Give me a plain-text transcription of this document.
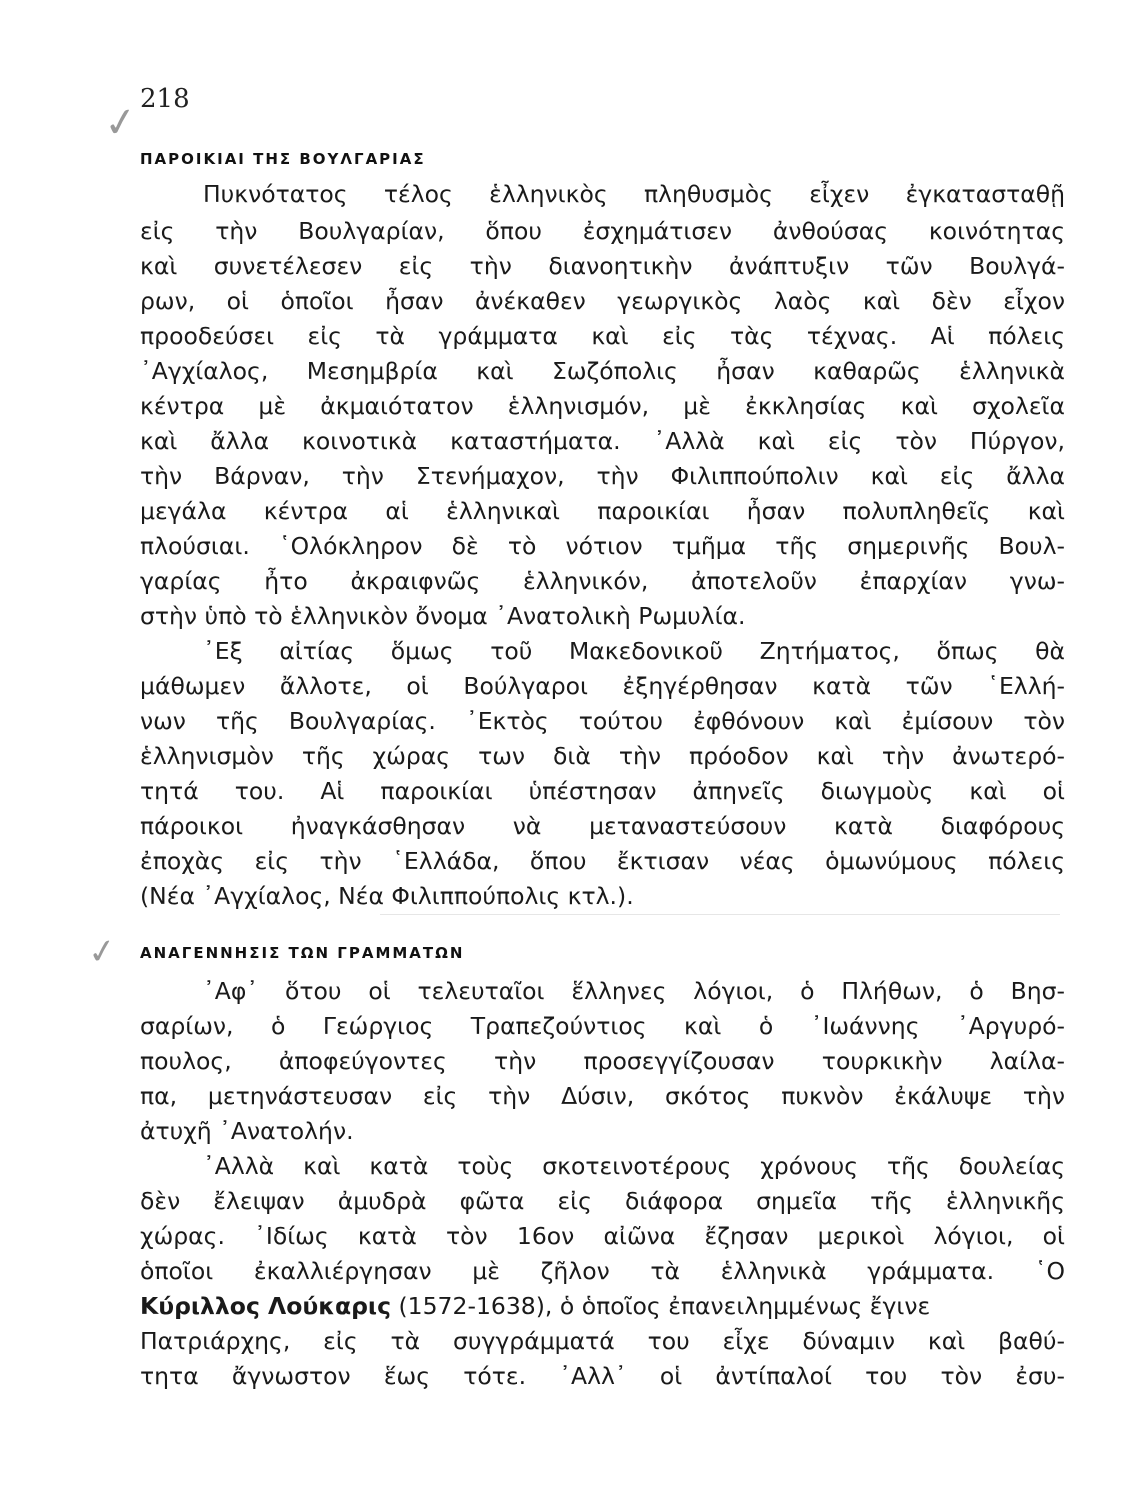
✓ 218
ΠΑΡΟΙΚΙΑΙ ΤΗΣ ΒΟΥΛΓΑΡΙΑΣ
Πυκνότατος τέλος ἑλληνικὸς πληθυσμὸς εἶχεν ἐγκατασταθῇ
εἰς τὴν Βουλγαρίαν, ὅπου ἐσχημάτισεν ἀνθούσας κοινότητας
καὶ συνετέλεσεν εἰς τὴν διανοητικὴν ἀνάπτυξιν τῶν Βουλγά-
ρων, οἱ ὁποῖοι ἦσαν ἀνέκαθεν γεωργικὸς λαὸς καὶ δὲν εἶχον
προοδεύσει εἰς τὰ γράμματα καὶ εἰς τὰς τέχνας. Αἱ πόλεις
᾿Αγχίαλος, Μεσημβρία καὶ Σωζόπολις ἦσαν καθαρῶς ἑλληνικὰ
κέντρα μὲ ἀκμαιότατον ἑλληνισμόν, μὲ ἐκκλησίας καὶ σχολεῖα
καὶ ἄλλα κοινοτικὰ καταστήματα. ᾿Αλλὰ καὶ εἰς τὸν Πύργον,
τὴν Βάρναν, τὴν Στενήμαχον, τὴν Φιλιππούπολιν καὶ εἰς ἄλλα
μεγάλα κέντρα αἱ ἑλληνικαὶ παροικίαι ἦσαν πολυπληθεῖς καὶ
πλούσιαι. ῾Ολόκληρον δὲ τὸ νότιον τμῆμα τῆς σημερινῆς Βουλ-
γαρίας ἦτο ἀκραιφνῶς ἑλληνικόν, ἀποτελοῦν ἐπαρχίαν γνω-
στὴν ὑπὸ τὸ ἑλληνικὸν ὄνομα ᾿Ανατολικὴ Ρωμυλία.
᾿Εξ αἰτίας ὅμως τοῦ Μακεδονικοῦ Ζητήματος, ὅπως θὰ
μάθωμεν ἄλλοτε, οἱ Βούλγαροι ἐξηγέρθησαν κατὰ τῶν ῾Ελλή-
νων τῆς Βουλγαρίας. ᾿Εκτὸς τούτου ἐφθόνουν καὶ ἐμίσουν τὸν
ἑλληνισμὸν τῆς χώρας των διὰ τὴν πρόοδον καὶ τὴν ἀνωτερό-
τητά του. Αἱ παροικίαι ὑπέστησαν ἀπηνεῖς διωγμοὺς καὶ οἱ
πάροικοι ἠναγκάσθησαν νὰ μεταναστεύσουν κατὰ διαφόρους
ἐποχὰς εἰς τὴν ῾Ελλάδα, ὅπου ἔκτισαν νέας ὁμωνύμους πόλεις
(Νέα ᾿Αγχίαλος, Νέα Φιλιππούπολις κτλ.).
✓ ΑΝΑΓΕΝΝΗΣΙΣ ΤΩΝ ΓΡΑΜΜΑΤΩΝ
᾿Αφ᾿ ὅτου οἱ τελευταῖοι ἕλληνες λόγιοι, ὁ Πλήθων, ὁ Βησ-
σαρίων, ὁ Γεώργιος Τραπεζούντιος καὶ ὁ ᾿Ιωάννης ᾿Αργυρό-
πουλος, ἀποφεύγοντες τὴν προσεγγίζουσαν τουρκικὴν λαίλα-
πα, μετηνάστευσαν εἰς τὴν Δύσιν, σκότος πυκνὸν ἐκάλυψε τὴν
ἀτυχῆ ᾿Ανατολήν.
᾿Αλλὰ καὶ κατὰ τοὺς σκοτεινοτέρους χρόνους τῆς δουλείας
δὲν ἔλειψαν ἀμυδρὰ φῶτα εἰς διάφορα σημεῖα τῆς ἑλληνικῆς
χώρας. ᾿Ιδίως κατὰ τὸν 16ον αἰῶνα ἔζησαν μερικοὶ λόγιοι, οἱ
ὁποῖοι ἐκαλλιέργησαν μὲ ζῆλον τὰ ἑλληνικὰ γράμματα. ῾Ο
Κύριλλος Λούκαρις (1572-1638), ὁ ὁποῖος ἐπανειλημμένως ἔγινε
Πατριάρχης, εἰς τὰ συγγράμματά του εἶχε δύναμιν καὶ βαθύ-
τητα ἄγνωστον ἕως τότε. ᾿Αλλ᾿ οἱ ἀντίπαλοί του τὸν ἐσυ-
